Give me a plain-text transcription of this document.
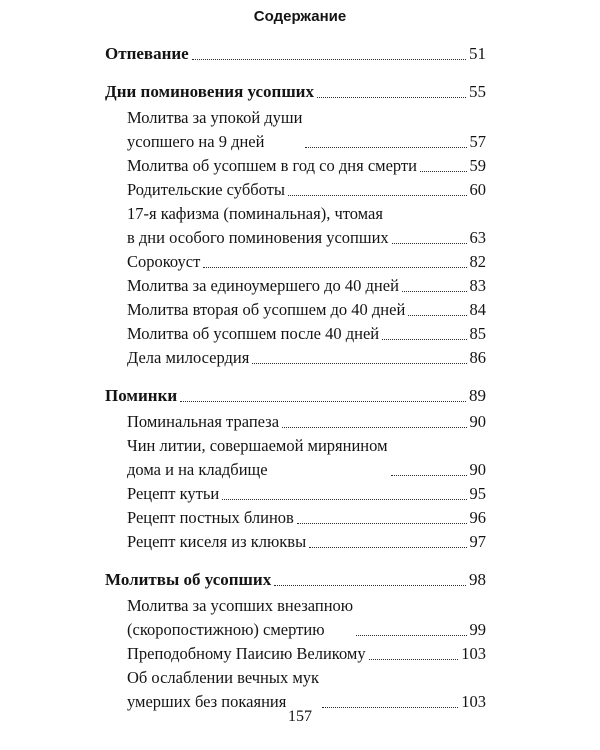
Содержание
Отпевание	51
Дни поминовения усопших	55
Молитва за упокой души
усопшего на 9 дней	57
Молитва об усопшем в год со дня смерти	59
Родительские субботы	60
17-я кафизма (поминальная), чтомая
в дни особого поминовения усопших	63
Сорокоуст	82
Молитва за единоумершего до 40 дней	83
Молитва вторая об усопшем до 40 дней	84
Молитва об усопшем после 40 дней	85
Дела милосердия	86
Поминки	89
Поминальная трапеза	90
Чин литии, совершаемой мирянином
дома и на кладбище	90
Рецепт кутьи	95
Рецепт постных блинов	96
Рецепт киселя из клюквы	97
Молитвы об усопших	98
Молитва за усопших внезапною
(скоропостижною) смертию	99
Преподобному Паисию Великому	103
Об ослаблении вечных мук
умерших без покаяния	103
157
